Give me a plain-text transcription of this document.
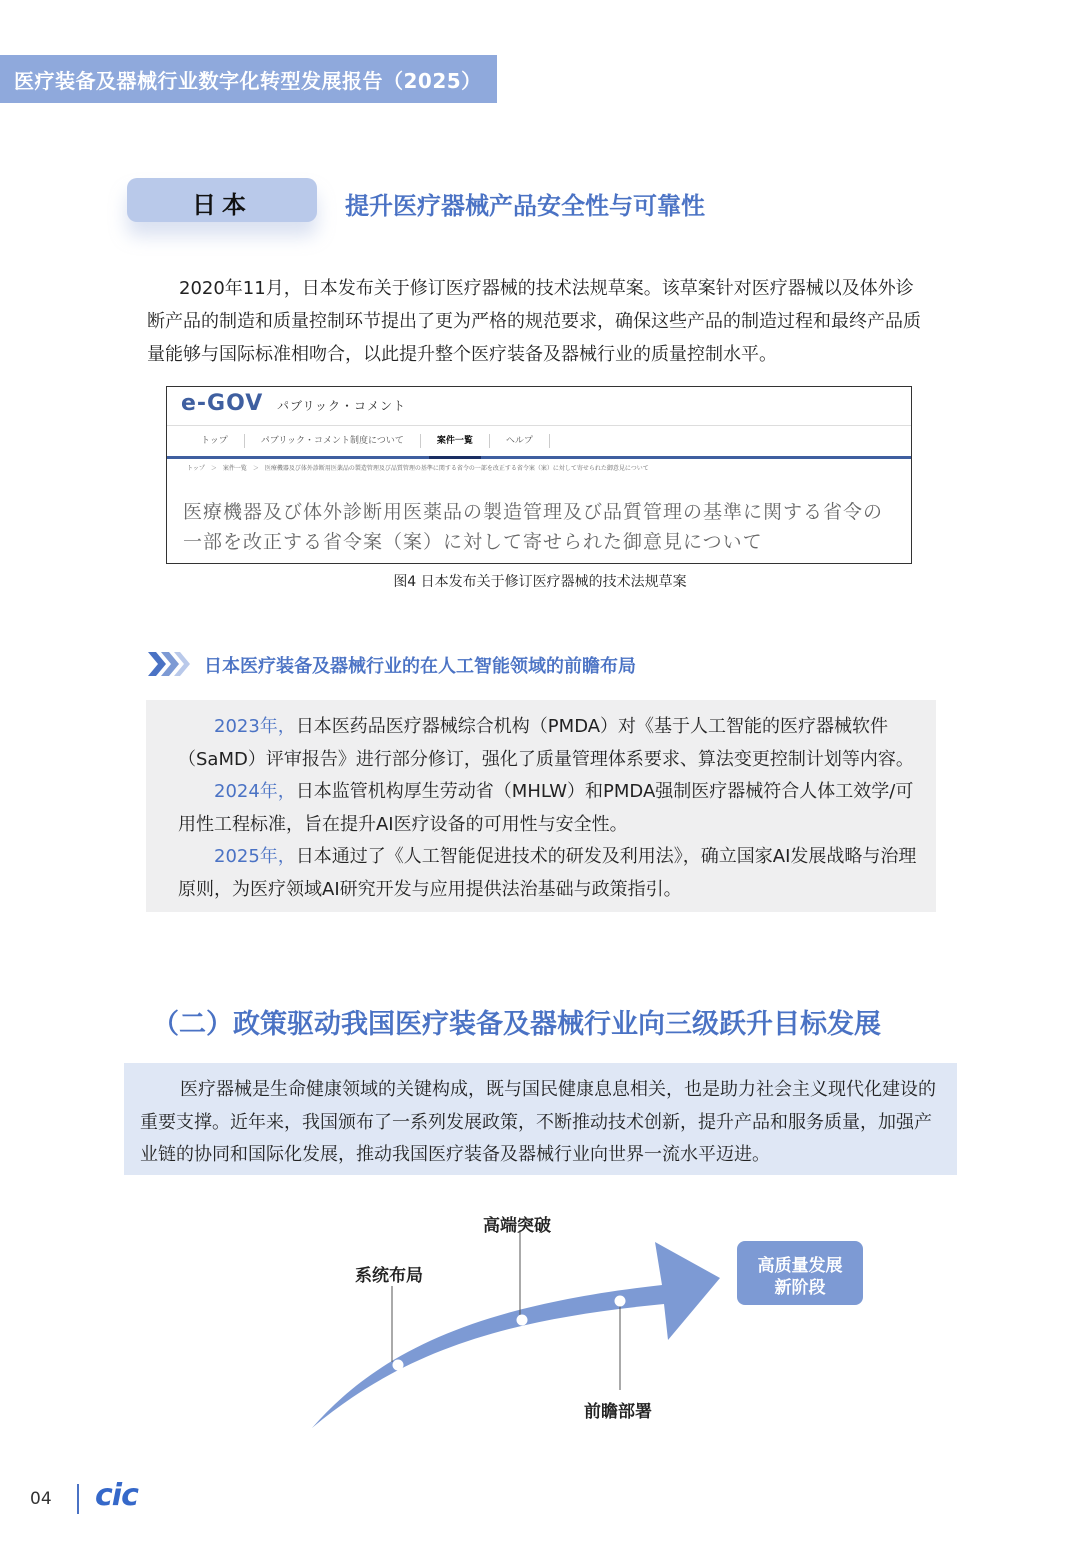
医疗装备及器械行业数字化转型发展报告（2025）
日本	提升医疗器械产品安全性与可靠性
2020年11月，日本发布关于修订医疗器械的技术法规草案。该草案针对医疗器械以及体外诊断产品的制造和质量控制环节提出了更为严格的规范要求，确保这些产品的制造过程和最终产品质量能够与国际标准相吻合，以此提升整个医疗装备及器械行业的质量控制水平。
e-GOV パブリック・コメント
トップ	パブリック・コメント制度について	案件一覧	ヘルプ
トップ　＞　案件一覧　＞　医療機器及び体外診断用医薬品の製造管理及び品質管理の基準に関する省令の一部を改正する省令案（案）に対して寄せられた御意見について
医療機器及び体外診断用医薬品の製造管理及び品質管理の基準に関する省令の一部を改正する省令案（案）に対して寄せられた御意見について
图4 日本发布关于修订医疗器械的技术法规草案
日本医疗装备及器械行业的在人工智能领域的前瞻布局

2023年，日本医药品医疗器械综合机构（PMDA）对《基于人工智能的医疗器械软件（SaMD）评审报告》进行部分修订，强化了质量管理体系要求、算法变更控制计划等内容。

2024年，日本监管机构厚生劳动省（MHLW）和PMDA强制医疗器械符合人体工效学/可用性工程标准，旨在提升AI医疗设备的可用性与安全性。

2025年，日本通过了《人工智能促进技术的研发及利用法》，确立国家AI发展战略与治理原则，为医疗领域AI研究开发与应用提供法治基础与政策指引。

（二）政策驱动我国医疗装备及器械行业向三级跃升目标发展

医疗器械是生命健康领域的关键构成，既与国民健康息息相关，也是助力社会主义现代化建设的重要支撑。近年来，我国颁布了一系列发展政策，不断推动技术创新，提升产品和服务质量，加强产业链的协同和国际化发展，推动我国医疗装备及器械行业向世界一流水平迈进。

系统布局
高端突破
前瞻部署
高质量发展
新阶段
04 cic
